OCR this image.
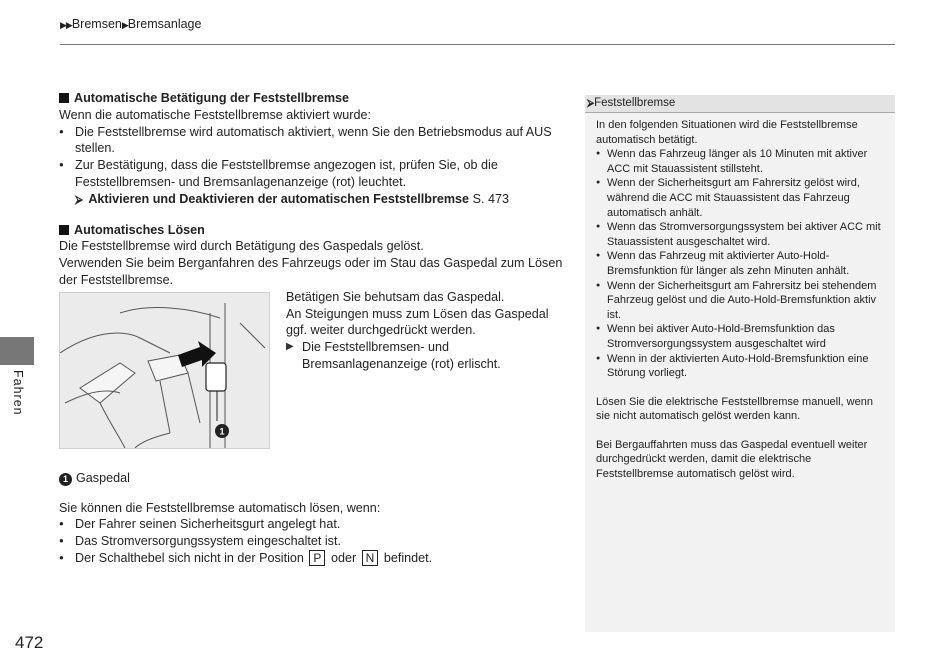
▶▶Bremsen▶Bremsanlage
Fahren
472

Automatische Betätigung der Feststellbremse

Wenn die automatische Feststellbremse aktiviert wurde:

● Die Feststellbremse wird automatisch aktiviert, wenn Sie den Betriebsmodus auf AUS stellen.
● Zur Bestätigung, dass die Feststellbremse angezogen ist, prüfen Sie, ob die Feststellbremsen- und Bremsanlagenanzeige (rot) leuchtet.
⮚ Aktivieren und Deaktivieren der automatischen Feststellbremse S. 473

Automatisches Lösen

Die Feststellbremse wird durch Betätigung des Gaspedals gelöst.

Verwenden Sie beim Berganfahren des Fahrzeugs oder im Stau das Gaspedal zum Lösen der Feststellbremse.

1

Betätigen Sie behutsam das Gaspedal.

An Steigungen muss zum Lösen das Gaspedal ggf. weiter durchgedrückt werden.

▶ Die Feststellbremsen- und Bremsanlagenanzeige (rot) erlischt.

1 Gaspedal

Sie können die Feststellbremse automatisch lösen, wenn:

● Der Fahrer seinen Sicherheitsgurt angelegt hat.
● Das Stromversorgungssystem eingeschaltet ist.
● Der Schalthebel sich nicht in der Position P oder N befindet.
⮚Feststellbremse

In den folgenden Situationen wird die Feststellbremse automatisch betätigt.

● Wenn das Fahrzeug länger als 10 Minuten mit aktiver ACC mit Stauassistent stillsteht.
● Wenn der Sicherheitsgurt am Fahrersitz gelöst wird, während die ACC mit Stauassistent das Fahrzeug automatisch anhält.
● Wenn das Stromversorgungssystem bei aktiver ACC mit Stauassistent ausgeschaltet wird.
● Wenn das Fahrzeug mit aktivierter Auto-Hold-Bremsfunktion für länger als zehn Minuten anhält.
● Wenn der Sicherheitsgurt am Fahrersitz bei stehendem Fahrzeug gelöst und die Auto-Hold-Bremsfunktion aktiv ist.
● Wenn bei aktiver Auto-Hold-Bremsfunktion das Stromversorgungssystem ausgeschaltet wird
● Wenn in der aktivierten Auto-Hold-Bremsfunktion eine Störung vorliegt.

Lösen Sie die elektrische Feststellbremse manuell, wenn sie nicht automatisch gelöst werden kann.

Bei Bergauffahrten muss das Gaspedal eventuell weiter durchgedrückt werden, damit die elektrische Feststellbremse automatisch gelöst wird.
